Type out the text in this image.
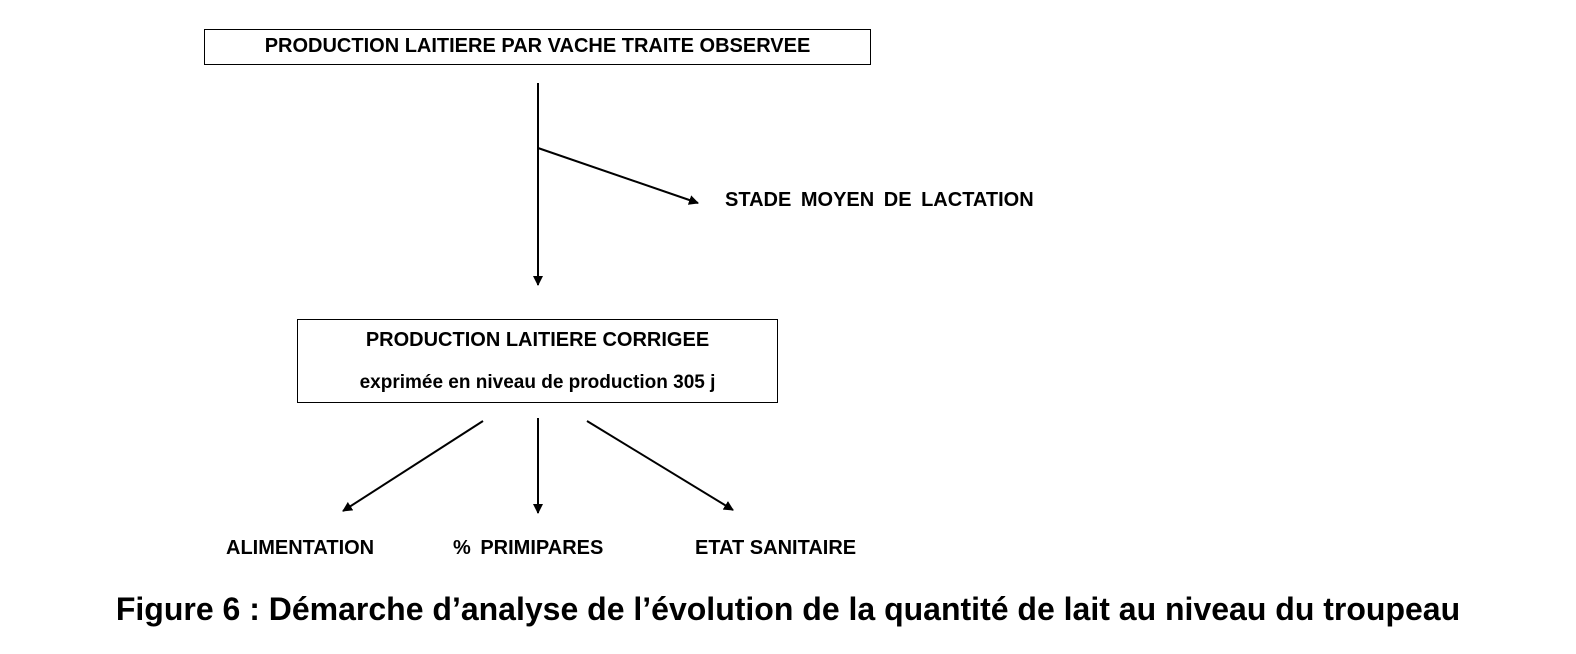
PRODUCTION LAITIERE PAR VACHE TRAITE OBSERVEE
STADE MOYEN DE LACTATION
PRODUCTION LAITIERE CORRIGEE
exprimée en niveau de production 305 j
ALIMENTATION	% PRIMIPARES	ETAT SANITAIRE
Figure 6 : Démarche d’analyse de l’évolution de la quantité de lait au niveau du troupeau
